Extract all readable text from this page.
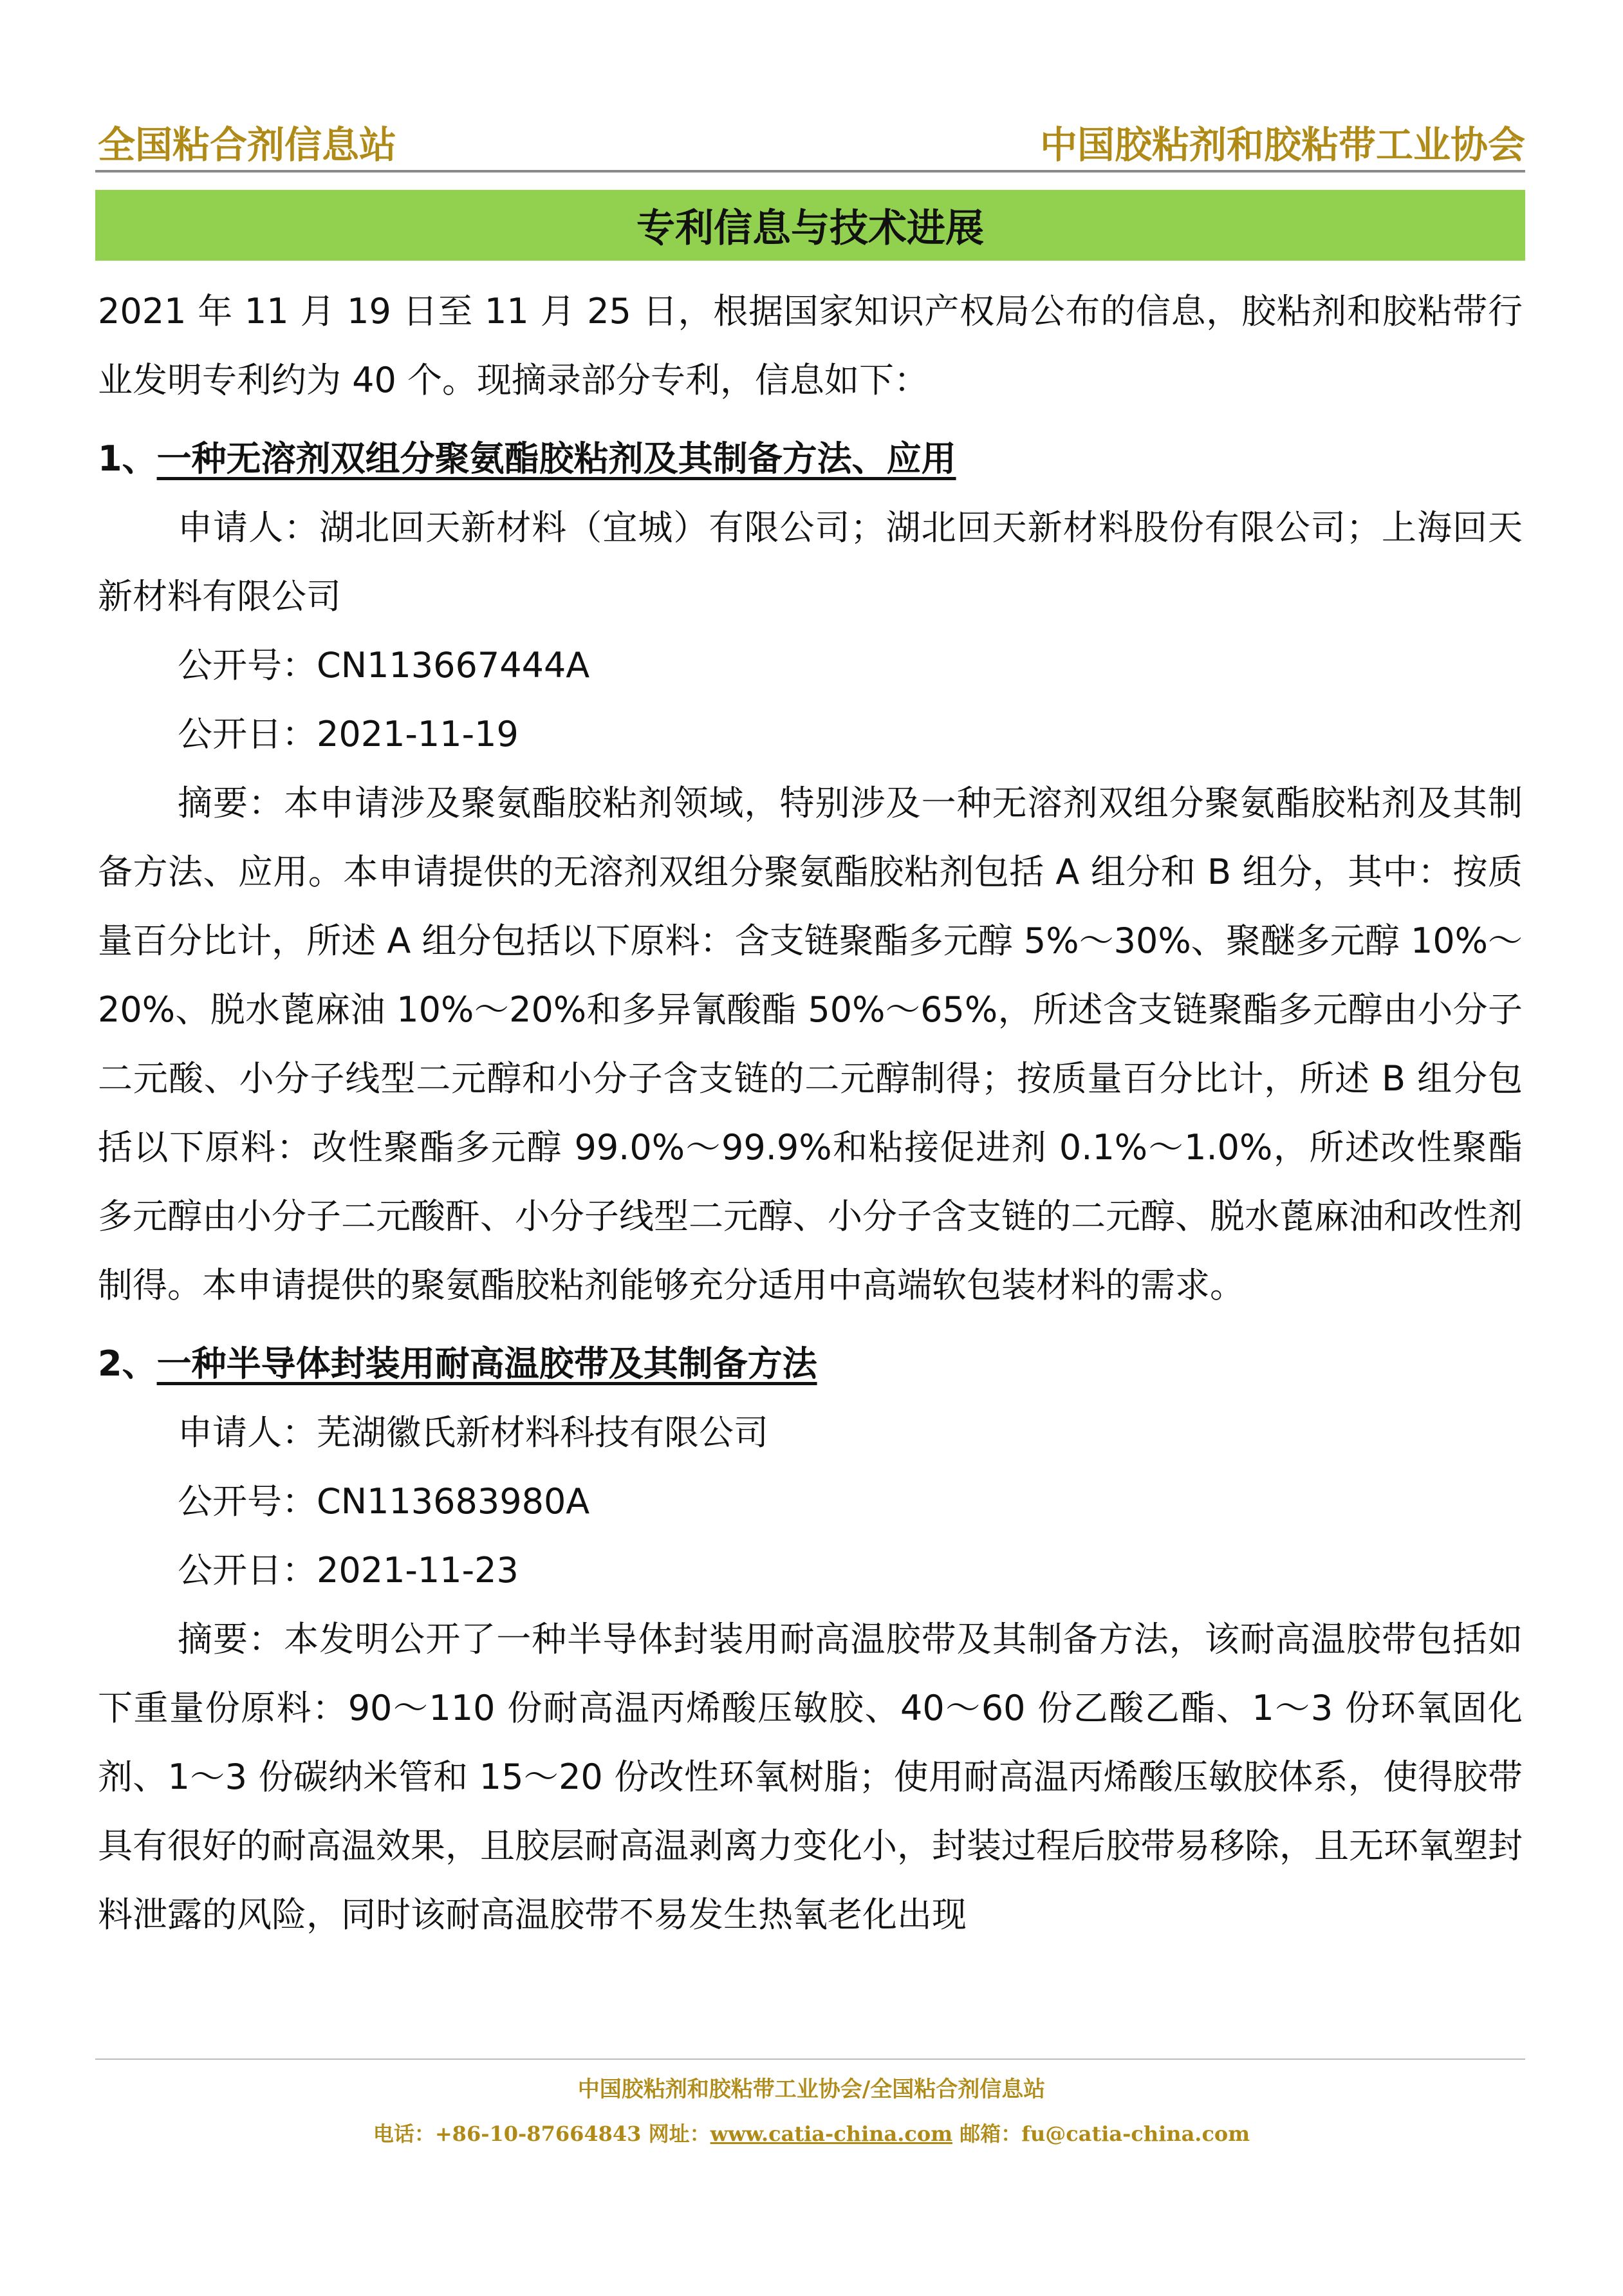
全国粘合剂信息站	中国胶粘剂和胶粘带工业协会
专利信息与技术进展

2021 年 11 月 19 日至 11 月 25 日，根据国家知识产权局公布的信息，胶粘剂和胶粘带行业发明专利约为 40 个。现摘录部分专利，信息如下：

1、一种无溶剂双组分聚氨酯胶粘剂及其制备方法、应用

申请人：湖北回天新材料（宜城）有限公司；湖北回天新材料股份有限公司；上海回天新材料有限公司

公开号：CN113667444A

公开日：2021-11-19

摘要：本申请涉及聚氨酯胶粘剂领域，特别涉及一种无溶剂双组分聚氨酯胶粘剂及其制备方法、应用。本申请提供的无溶剂双组分聚氨酯胶粘剂包括 A 组分和 B 组分，其中：按质量百分比计，所述 A 组分包括以下原料：含支链聚酯多元醇 5%～30%、聚醚多元醇 10%～20%、脱水蓖麻油 10%～20%和多异氰酸酯 50%～65%，所述含支链聚酯多元醇由小分子二元酸、小分子线型二元醇和小分子含支链的二元醇制得；按质量百分比计，所述 B 组分包括以下原料：改性聚酯多元醇 99.0%～99.9%和粘接促进剂 0.1%～1.0%，所述改性聚酯多元醇由小分子二元酸酐、小分子线型二元醇、小分子含支链的二元醇、脱水蓖麻油和改性剂制得。本申请提供的聚氨酯胶粘剂能够充分适用中高端软包装材料的需求。

2、一种半导体封装用耐高温胶带及其制备方法

申请人：芜湖徽氏新材料科技有限公司

公开号：CN113683980A

公开日：2021-11-23

摘要：本发明公开了一种半导体封装用耐高温胶带及其制备方法，该耐高温胶带包括如下重量份原料：90～110 份耐高温丙烯酸压敏胶、40～60 份乙酸乙酯、1～3 份环氧固化剂、1～3 份碳纳米管和 15～20 份改性环氧树脂；使用耐高温丙烯酸压敏胶体系，使得胶带具有很好的耐高温效果，且胶层耐高温剥离力变化小，封装过程后胶带易移除，且无环氧塑封料泄露的风险，同时该耐高温胶带不易发生热氧老化出现

中国胶粘剂和胶粘带工业协会/全国粘合剂信息站
电话：+86-10-87664843 网址：www.catia-china.com 邮箱：fu@catia-china.com
